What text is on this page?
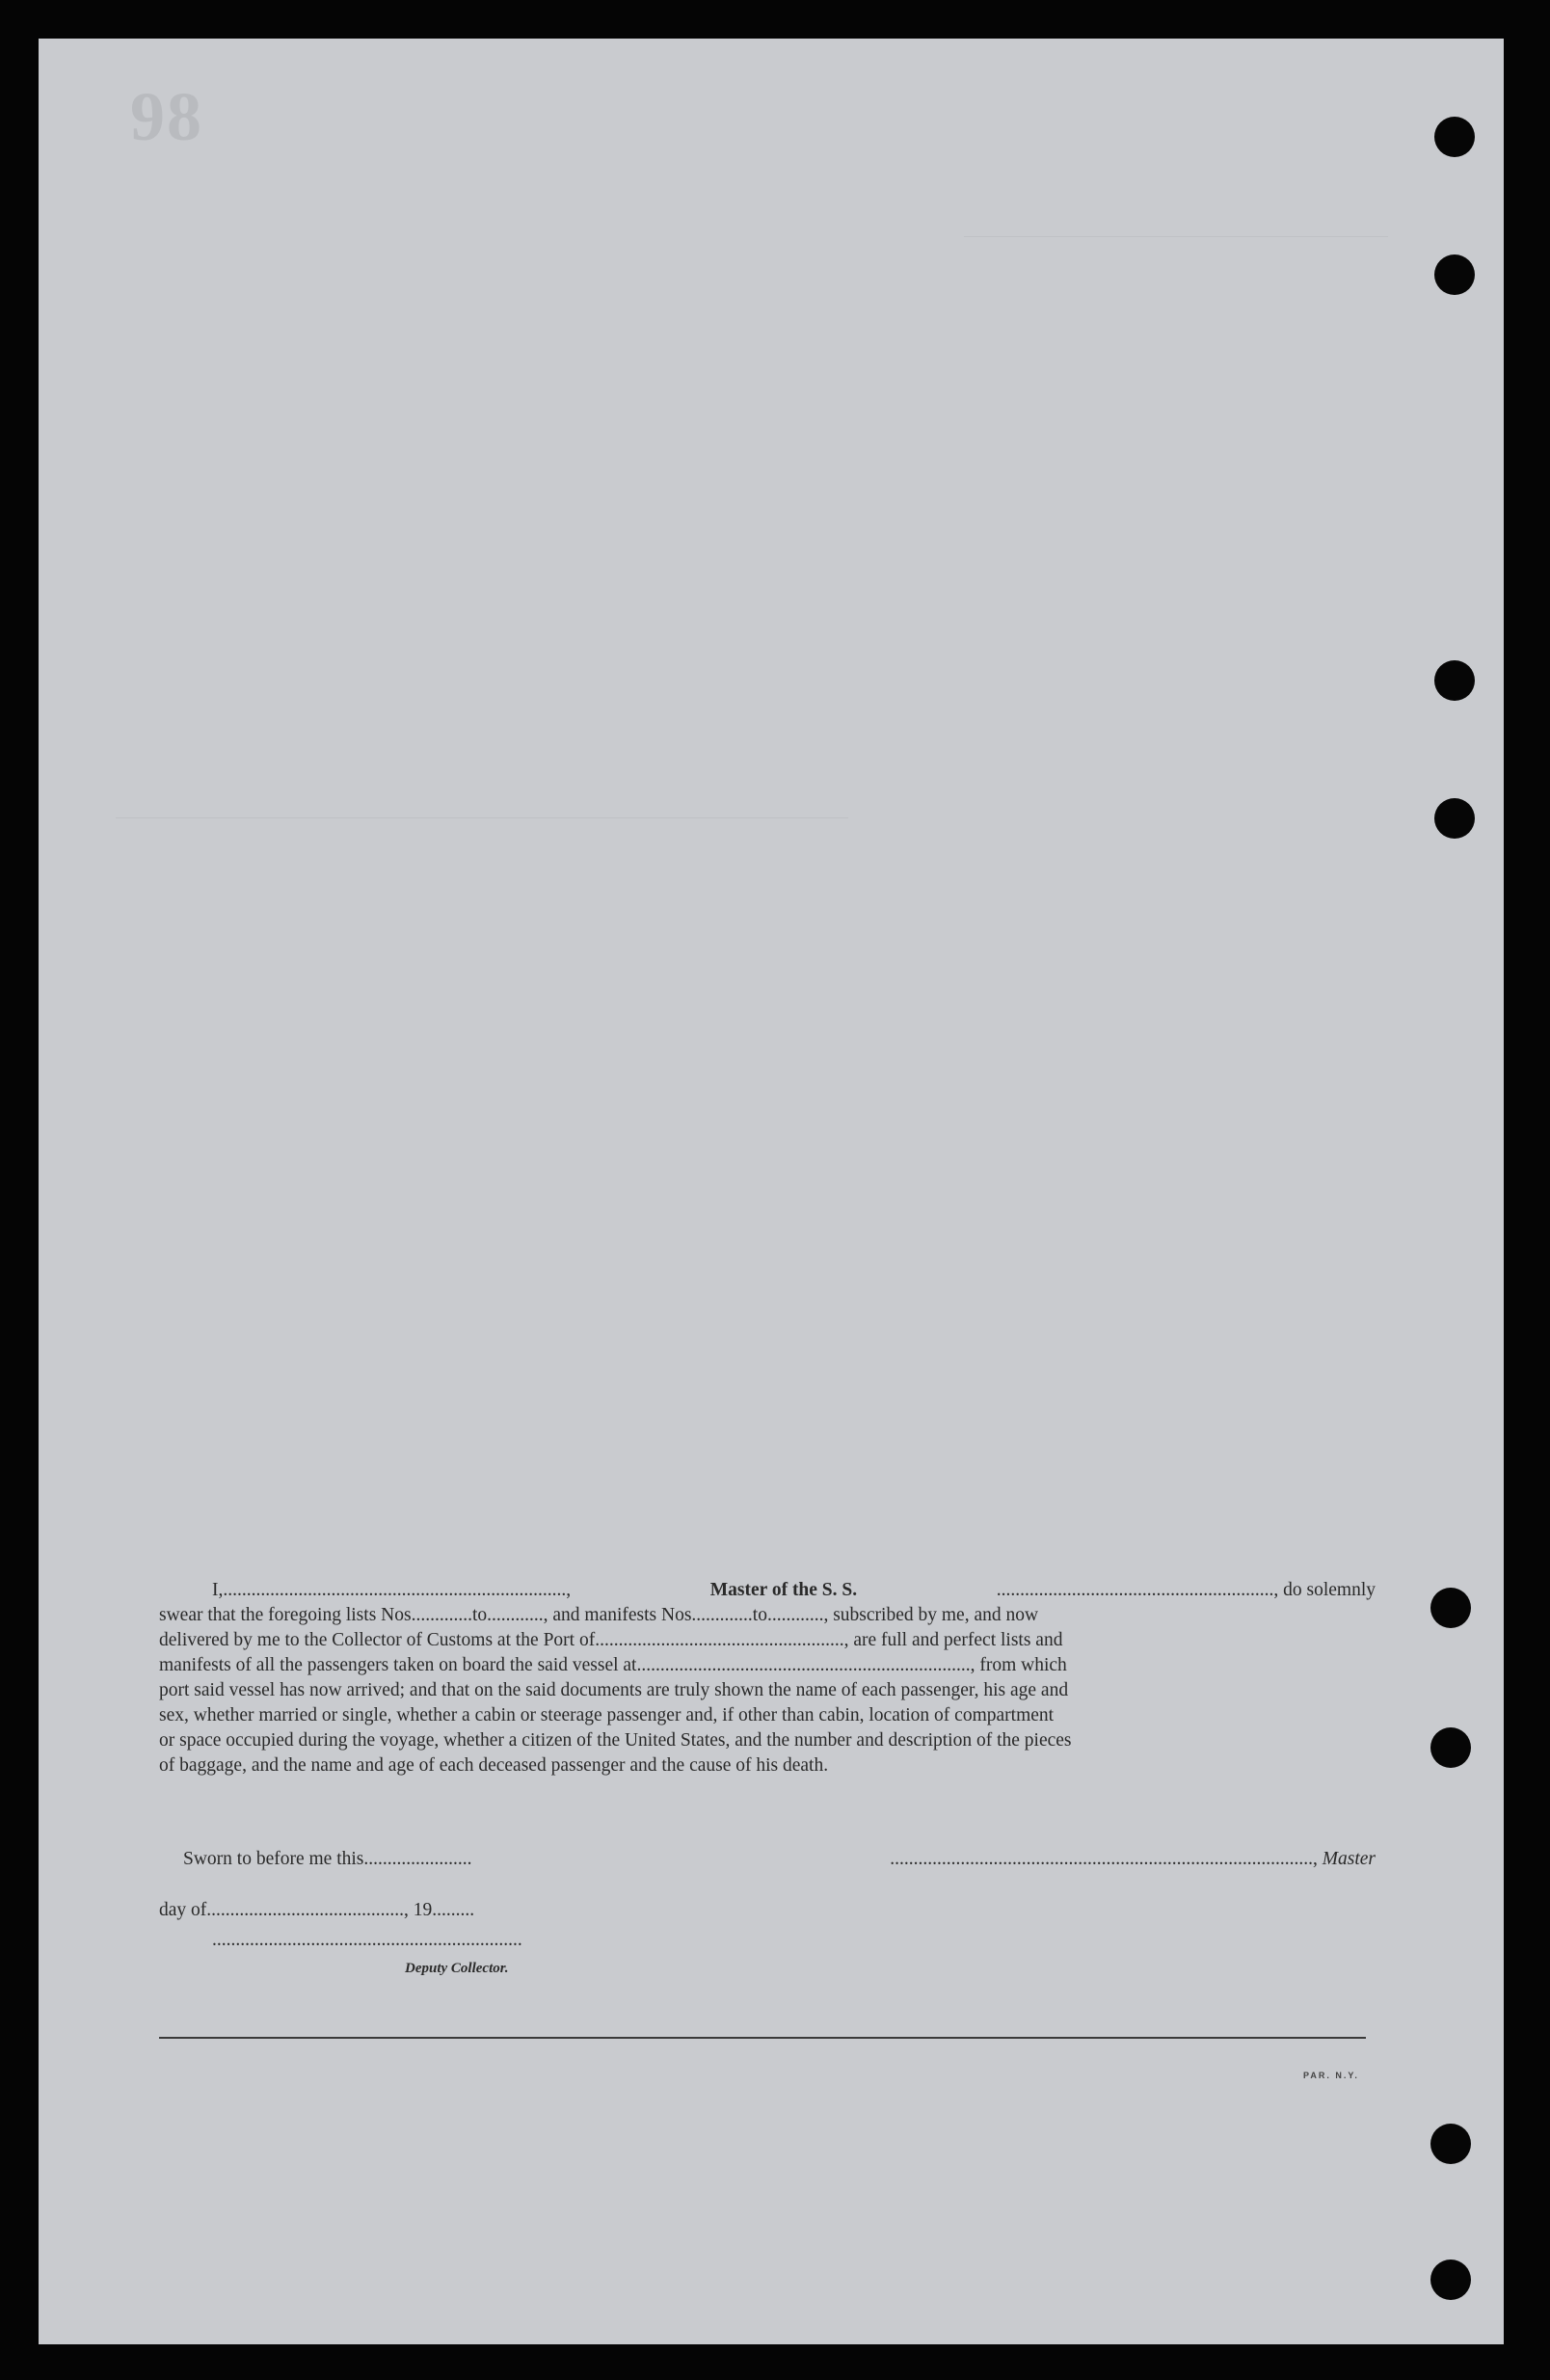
98
I,.........................................................................,	Master of the S. S.	..........................................................., do solemnly
swear that the foregoing lists Nos.............to............, and manifests Nos.............to............, subscribed by me, and now
delivered by me to the Collector of Customs at the Port of....................................................., are full and perfect lists and
manifests of all the passengers taken on board the said vessel at......................................................................., from which
port said vessel has now arrived; and that on the said documents are truly shown the name of each passenger, his age and
sex, whether married or single, whether a cabin or steerage passenger and, if other than cabin, location of compartment
or space occupied during the voyage, whether a citizen of the United States, and the number and description of the pieces
of baggage, and the name and age of each deceased passenger and the cause of his death.
Sworn to before me this.......................	.........................................................................................., Master
day of.........................................., 19.........
..................................................................
Deputy Collector.
PAR. N.Y.
